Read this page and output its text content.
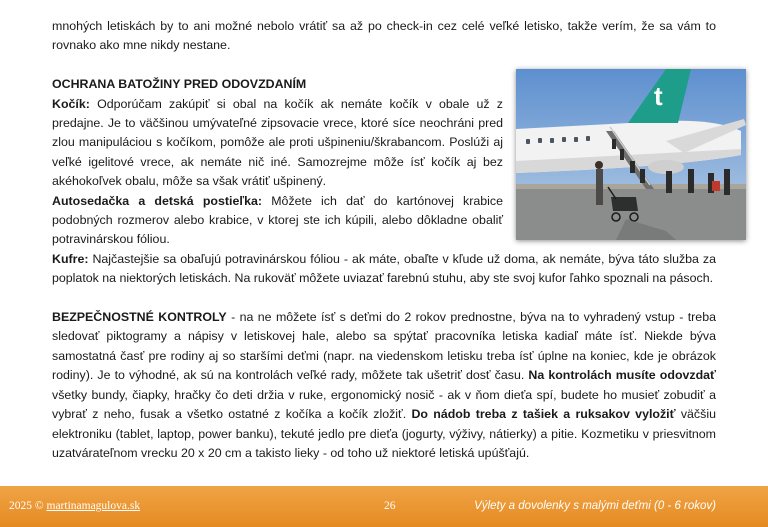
mnohých letiskách by to ani možné nebolo vrátiť sa až po check-in cez celé veľké letisko, takže verím, že sa vám to rovnako ako mne nikdy nestane.

OCHRANA BATOŽINY PRED ODOVZDANÍM

Kočík: Odporúčam zakúpiť si obal na kočík ak nemáte kočík v obale už z predajne. Je to väčšinou umývateľné zipsovacie vrece, ktoré síce neochráni pred zlou manipuláciou s kočíkom, pomôže ale proti ušpineniu/škrabancom. Poslúži aj veľké igelitové vrece, ak nemáte nič iné. Samozrejme môže ísť kočík aj bez akéhokoľvek obalu, môže sa však vrátiť ušpinený.

Autosedačka a detská postieľka: Môžete ich dať do kartónovej krabice podobných rozmerov alebo krabice, v ktorej ste ich kúpili, alebo dôkladne obaliť potravinárskou fóliou.

Kufre: Najčastejšie sa obaľujú potravinárskou fóliou - ak máte, obaľte v kľude už doma, ak nemáte, býva táto služba za poplatok na niektorých letiskách. Na rukoväť môžete uviazať farebnú stuhu, aby ste svoj kufor ľahko spoznali na pásoch.

BEZPEČNOSTNÉ KONTROLY - na ne môžete ísť s deťmi do 2 rokov prednostne, býva na to vyhradený vstup - treba sledovať piktogramy a nápisy v letiskovej hale, alebo sa spýtať pracovníka letiska kadiaľ máte ísť. Niekde býva samostatná časť pre rodiny aj so staršími deťmi (napr. na viedenskom letisku treba ísť úplne na koniec, kde je obrázok rodiny). Je to výhodné, ak sú na kontrolách veľké rady, môžete tak ušetriť dosť času. Na kontrolách musíte odovzdať všetky bundy, čiapky, hračky čo deti držia v ruke, ergonomický nosič - ak v ňom dieťa spí, budete ho musieť zobudiť a vybrať z neho, fusak a všetko ostatné z kočíka a kočík zložiť. Do nádob treba z tašiek a ruksakov vyložiť väčšiu elektroniku (tablet, laptop, power banku), tekuté jedlo pre dieťa (jogurty, výživy, nátierky) a pitie. Kozmetiku v priesvitnom uzatvárateľnom vrecku 20 x 20 cm a takisto lieky - od toho už niektoré letiská upúšťajú.

t
2025 © martinamagulova.sk	26	Výlety a dovolenky s malými deťmi (0 - 6 rokov)
